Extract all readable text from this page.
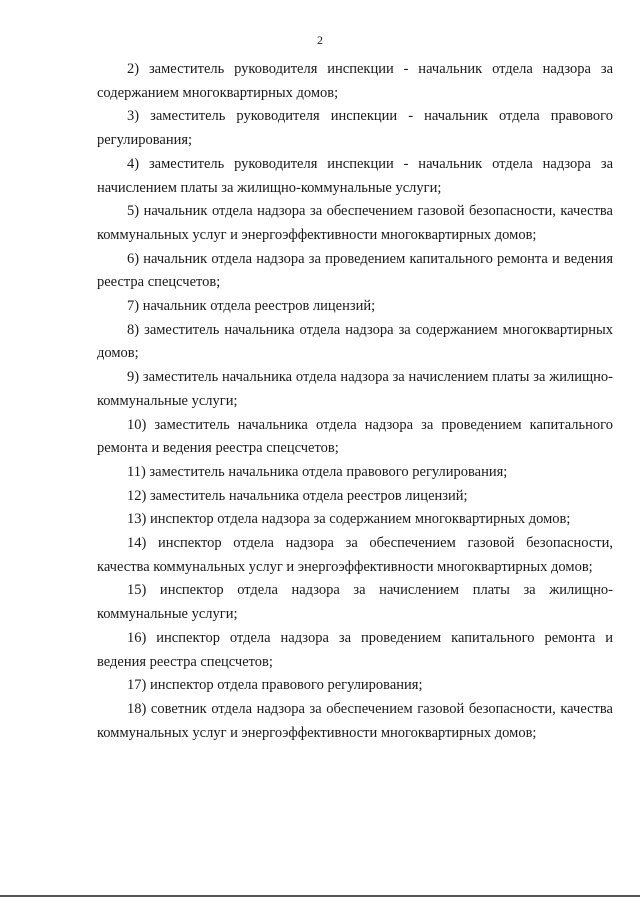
2

2) заместитель руководителя инспекции - начальник отдела надзора за содержанием многоквартирных домов;

3) заместитель руководителя инспекции - начальник отдела правового регулирования;

4) заместитель руководителя инспекции - начальник отдела надзора за начислением платы за жилищно-коммунальные услуги;

5) начальник отдела надзора за обеспечением газовой безопасности, качества коммунальных услуг и энергоэффективности многоквартирных домов;

6) начальник отдела надзора за проведением капитального ремонта и ведения реестра спецсчетов;

7) начальник отдела реестров лицензий;

8) заместитель начальника отдела надзора за содержанием многоквартирных домов;

9) заместитель начальника отдела надзора за начислением платы за жилищно-коммунальные услуги;

10) заместитель начальника отдела надзора за проведением капитального ремонта и ведения реестра спецсчетов;

11) заместитель начальника отдела правового регулирования;

12) заместитель начальника отдела реестров лицензий;

13) инспектор отдела надзора за содержанием многоквартирных домов;

14) инспектор отдела надзора за обеспечением газовой безопасности, качества коммунальных услуг и энергоэффективности многоквартирных домов;

15) инспектор отдела надзора за начислением платы за жилищно-коммунальные услуги;

16) инспектор отдела надзора за проведением капитального ремонта и ведения реестра спецсчетов;

17) инспектор отдела правового регулирования;

18) советник отдела надзора за обеспечением газовой безопасности, качества коммунальных услуг и энергоэффективности многоквартирных домов;
